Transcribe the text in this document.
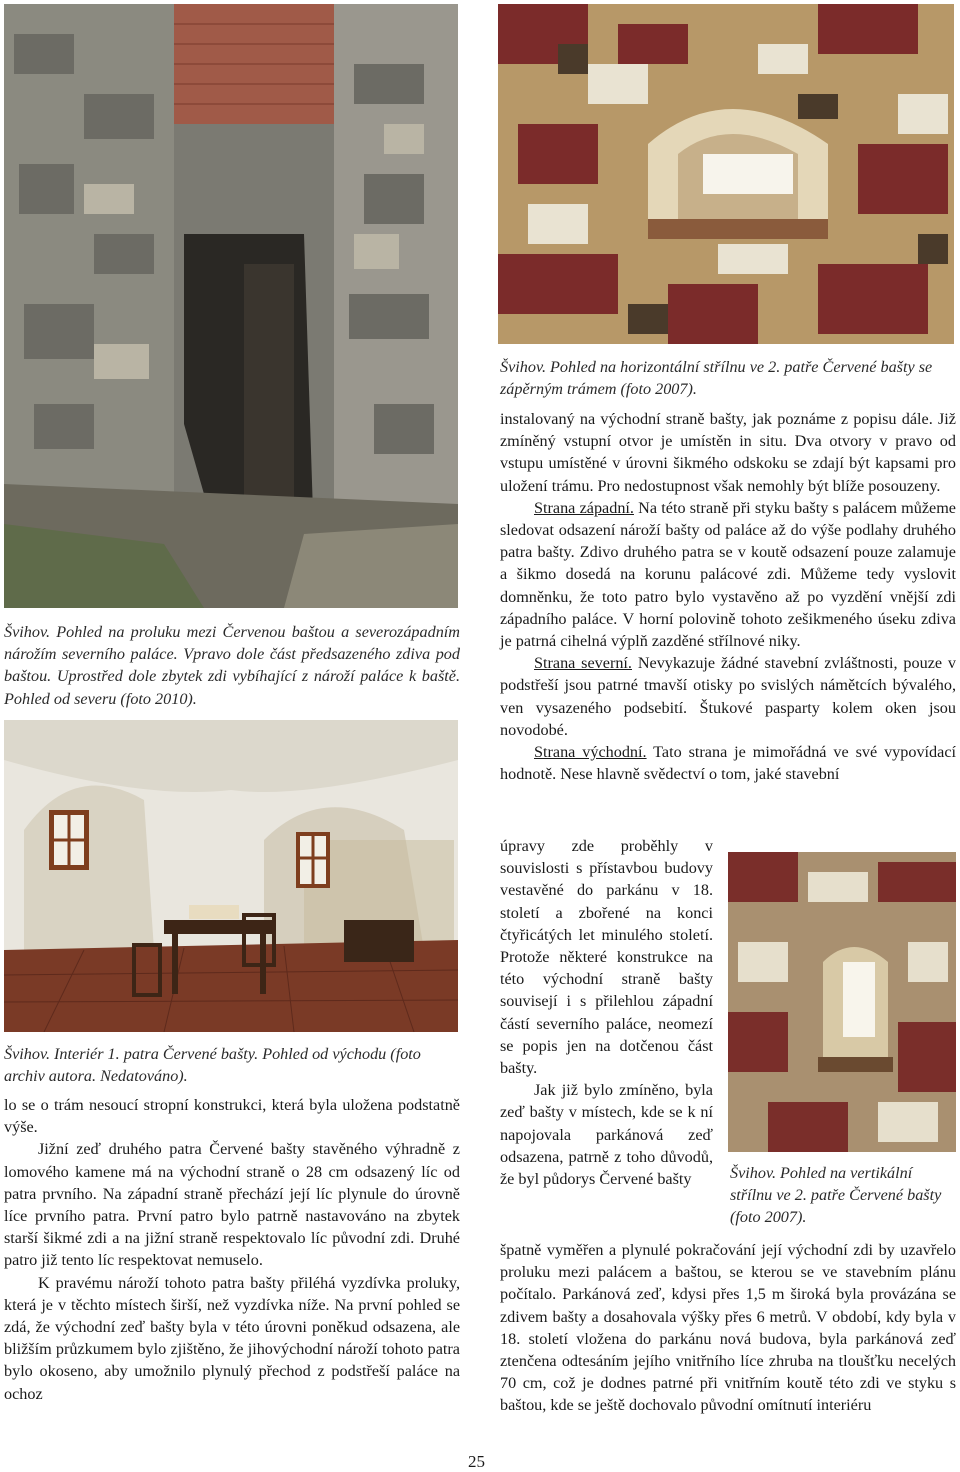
Švihov. Pohled na proluku mezi Červenou baštou a severozápadním nárožím severního paláce. Vpravo dole část předsazeného zdiva pod baštou. Uprostřed dole zbytek zdi vybíhající z nároží paláce k baště. Pohled od severu (foto 2010).
Švihov. Interiér 1. patra Červené bašty. Pohled od východu (foto archiv autora. Nedatováno).

lo se o trám nesoucí stropní konstrukci, která byla uložena podstatně výše.

Jižní zeď druhého patra Červené bašty stavěného výhradně z lomového kamene má na východní straně o 28 cm odsazený líc od patra prvního. Na západní straně přechází její líc plynule do úrovně líce prvního patra. První patro bylo patrně nastavováno na zbytek starší šikmé zdi a na jižní straně respektovalo líc původní zdi. Druhé patro již tento líc respektovat nemuselo.

K pravému nároží tohoto patra bašty přiléhá vyzdívka proluky, která je v těchto místech širší, než vyzdívka níže. Na první pohled se zdá, že východní zeď bašty byla v této úrovni poněkud odsazena, ale bližším průzkumem bylo zjištěno, že jihovýchodní nároží tohoto patra bylo okoseno, aby umožnilo plynulý přechod z podstřeší paláce na ochoz

Švihov. Pohled na horizontální střílnu ve 2. patře Červené bašty se zápěrným trámem (foto 2007).

instalovaný na východní straně bašty, jak poznáme z popisu dále. Již zmíněný vstupní otvor je umístěn in situ. Dva otvory v pravo od vstupu umístěné v úrovni šikmého odskoku se zdají být kapsami pro uložení trámu. Pro nedostupnost však nemohly být blíže posouzeny.

Strana západní. Na této straně při styku bašty s palácem můžeme sledovat odsazení nároží bašty od paláce až do výše podlahy druhého patra bašty. Zdivo druhého patra se v koutě odsazení pouze zalamuje a šikmo dosedá na korunu palácové zdi. Můžeme tedy vyslovit domněnku, že toto patro bylo vystavěno až po vyzdění vnější zdi západního paláce. V horní polovině tohoto zešikmeného úseku zdiva je patrná cihelná výplň zazděné střílnové niky.

Strana severní. Nevykazuje žádné stavební zvláštnosti, pouze v podstřeší jsou patrné tmavší otisky po svislých námětcích bývalého, ven vysazeného podsebití. Štukové pasparty kolem oken jsou novodobé.

Strana východní. Tato strana je mimořádná ve své vypovídací hodnotě. Nese hlavně svědectví o tom, jaké stavební

úpravy zde proběhly v souvislosti s přístavbou budovy vestavěné do parkánu v 18. století a zbořené na konci čtyřicátých let minulého století. Protože některé konstrukce na této východní straně bašty souvisejí i s přilehlou západní částí severního paláce, neomezí se popis jen na dotčenou část bašty.

Jak již bylo zmíněno, byla zeď bašty v místech, kde se k ní napojovala parkánová zeď odsazena, patrně z toho důvodů, že byl půdorys Červené bašty	Švihov. Pohled na vertikální střílnu ve 2. patře Červené bašty (foto 2007).

špatně vyměřen a plynulé pokračování její východní zdi by uzavřelo proluku mezi palácem a baštou, se kterou se ve stavebním plánu počítalo. Parkánová zeď, kdysi přes 1,5 m široká byla provázána se zdivem bašty a dosahovala výšky přes 6 metrů. V období, kdy byla v 18. století vložena do parkánu nová budova, byla parkánová zeď ztenčena odtesáním jejího vnitřního líce zhruba na tloušťku necelých 70 cm, což je dodnes patrné při vnitřním koutě této zdi ve styku s baštou, kde se ještě dochovalo původní omítnutí interiéru

25
